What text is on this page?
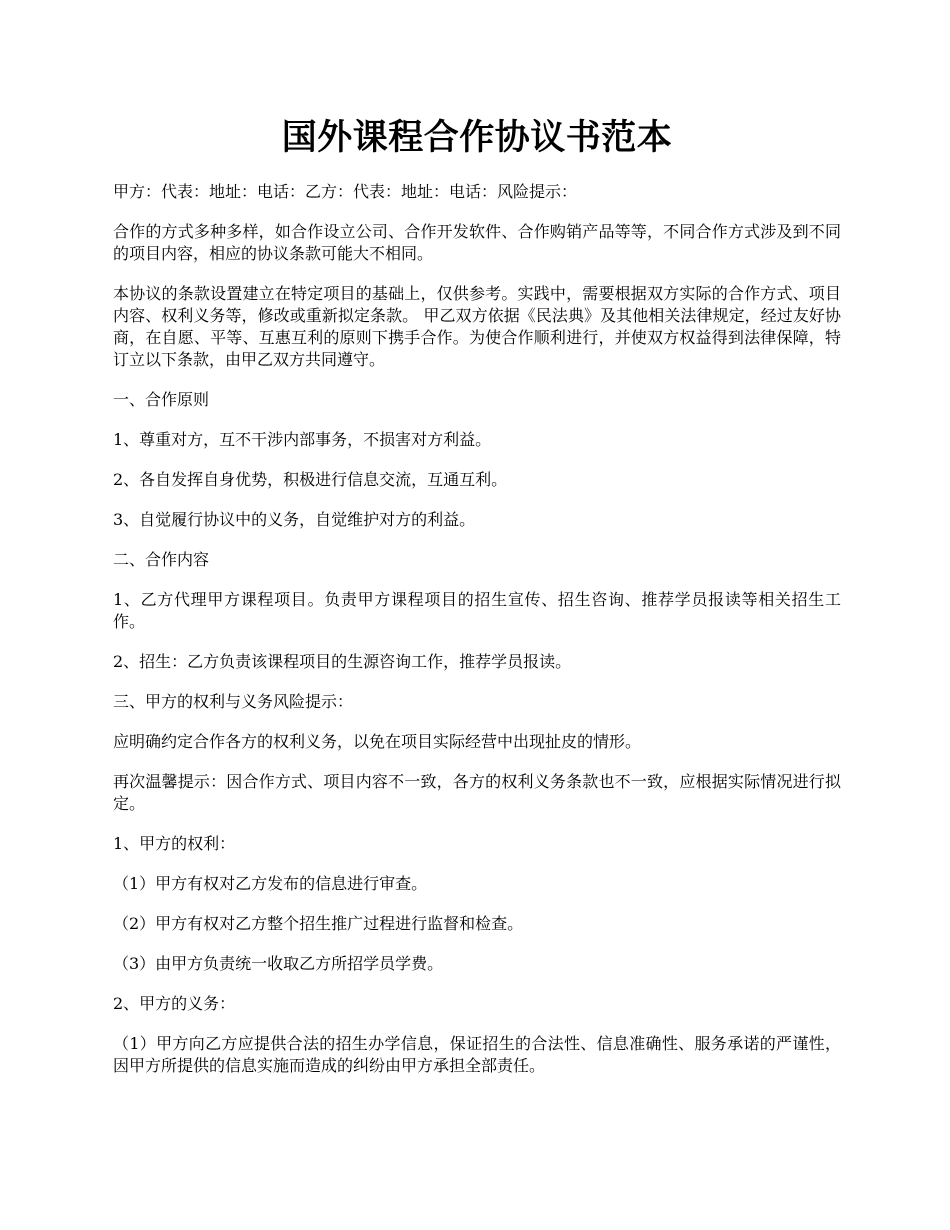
国外课程合作协议书范本

甲方：代表：地址：电话：乙方：代表：地址：电话：风险提示：

合作的方式多种多样，如合作设立公司、合作开发软件、合作购销产品等等，不同合作方式涉及到不同的项目内容，相应的协议条款可能大不相同。

本协议的条款设置建立在特定项目的基础上，仅供参考。实践中，需要根据双方实际的合作方式、项目内容、权利义务等，修改或重新拟定条款。 甲乙双方依据《民法典》及其他相关法律规定，经过友好协商，在自愿、平等、互惠互利的原则下携手合作。为使合作顺利进行，并使双方权益得到法律保障，特订立以下条款，由甲乙双方共同遵守。

一、合作原则

1、尊重对方，互不干涉内部事务，不损害对方利益。

2、各自发挥自身优势，积极进行信息交流，互通互利。

3、自觉履行协议中的义务，自觉维护对方的利益。

二、合作内容

1、乙方代理甲方课程项目。负责甲方课程项目的招生宣传、招生咨询、推荐学员报读等相关招生工作。

2、招生：乙方负责该课程项目的生源咨询工作，推荐学员报读。

三、甲方的权利与义务风险提示：

应明确约定合作各方的权利义务，以免在项目实际经营中出现扯皮的情形。

再次温馨提示：因合作方式、项目内容不一致，各方的权利义务条款也不一致，应根据实际情况进行拟定。

1、甲方的权利：

（1）甲方有权对乙方发布的信息进行审查。

（2）甲方有权对乙方整个招生推广过程进行监督和检查。

（3）由甲方负责统一收取乙方所招学员学费。

2、甲方的义务：

（1）甲方向乙方应提供合法的招生办学信息，保证招生的合法性、信息准确性、服务承诺的严谨性，因甲方所提供的信息实施而造成的纠纷由甲方承担全部责任。
